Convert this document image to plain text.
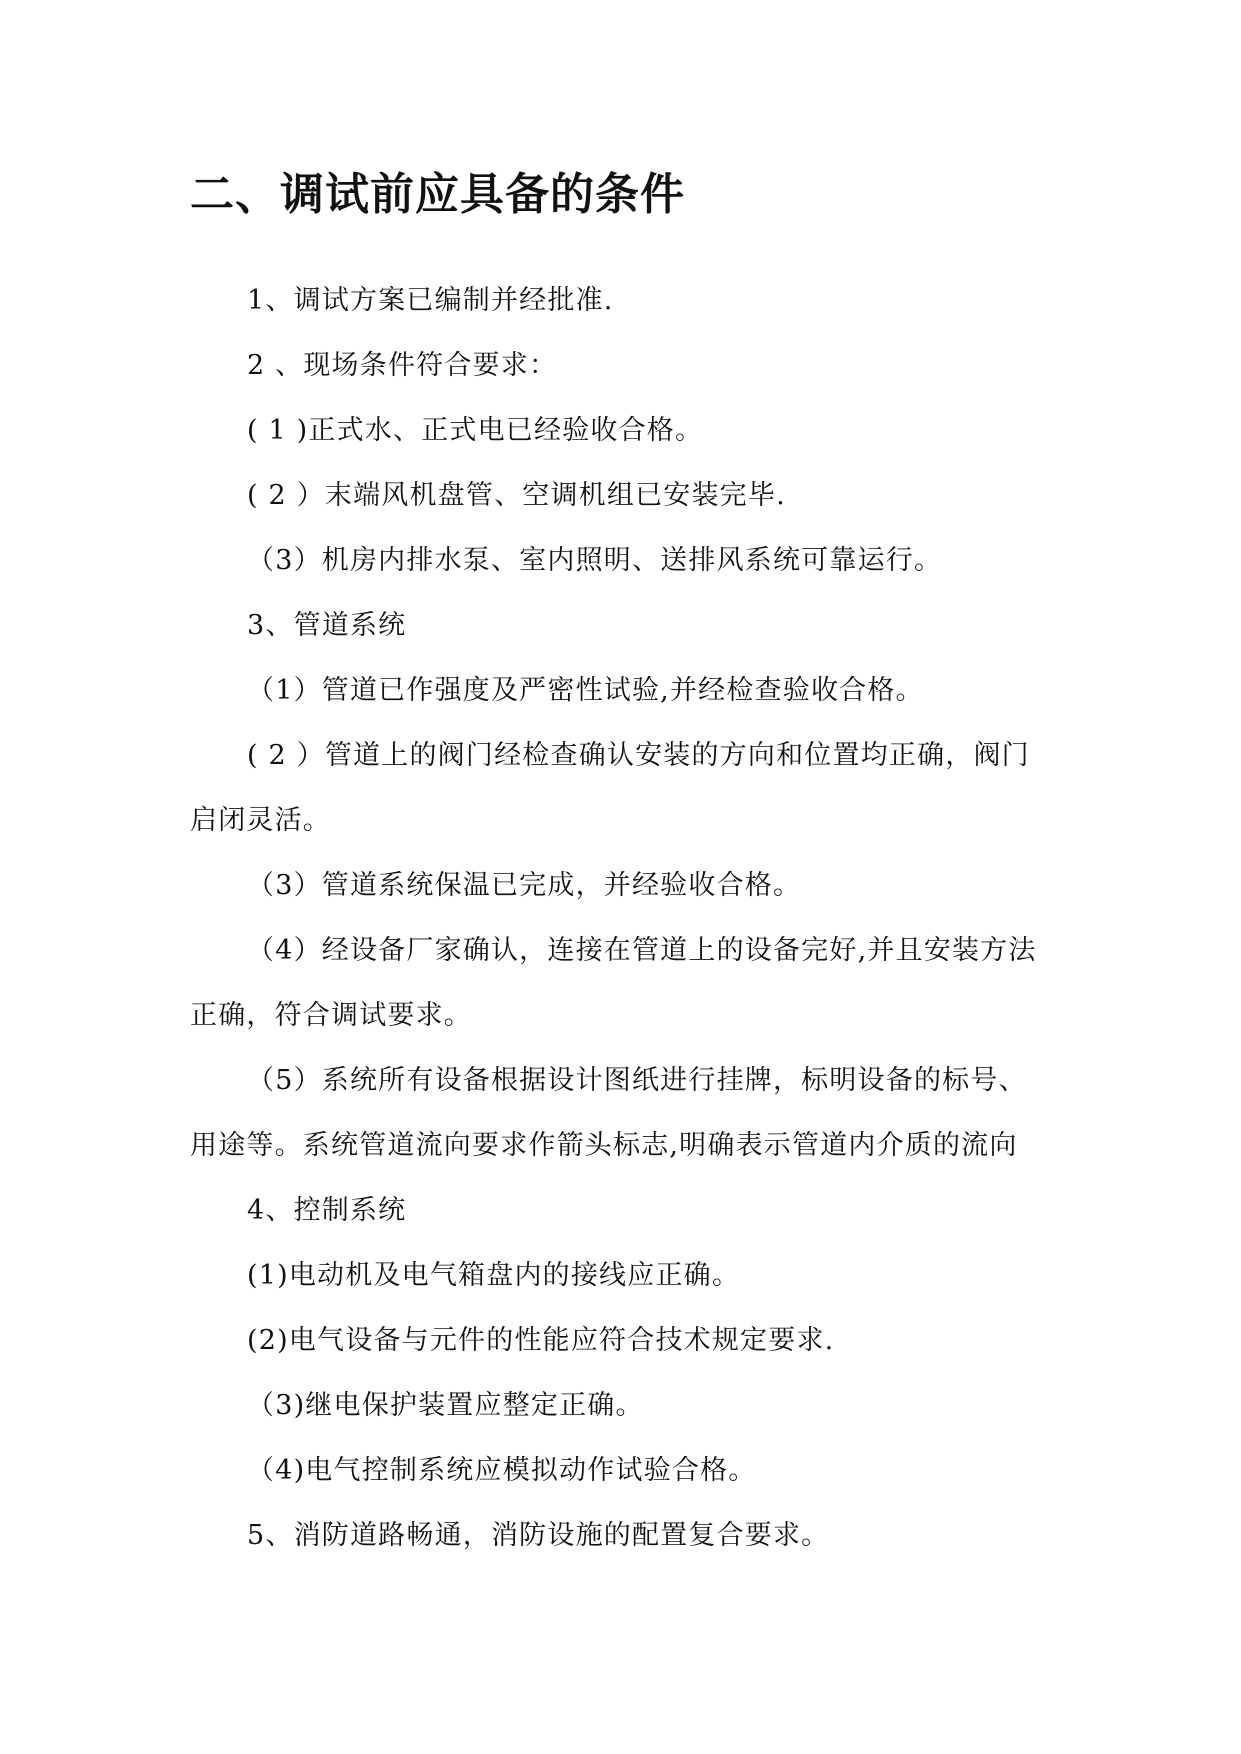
二、调试前应具备的条件
1、调试方案已编制并经批准.
2 、现场条件符合要求：
( 1 )正式水、正式电已经验收合格。
( 2 ）末端风机盘管、空调机组已安装完毕.
（3）机房内排水泵、室内照明、送排风系统可靠运行。
3、管道系统
（1）管道已作强度及严密性试验,并经检查验收合格。
( 2 ）管道上的阀门经检查确认安装的方向和位置均正确，阀门
启闭灵活。
（3）管道系统保温已完成，并经验收合格。
（4）经设备厂家确认，连接在管道上的设备完好,并且安装方法
正确，符合调试要求。
（5）系统所有设备根据设计图纸进行挂牌，标明设备的标号、
用途等。系统管道流向要求作箭头标志,明确表示管道内介质的流向
4、控制系统
(1)电动机及电气箱盘内的接线应正确。
(2)电气设备与元件的性能应符合技术规定要求.
（3)继电保护装置应整定正确。
（4)电气控制系统应模拟动作试验合格。
5、消防道路畅通，消防设施的配置复合要求。
